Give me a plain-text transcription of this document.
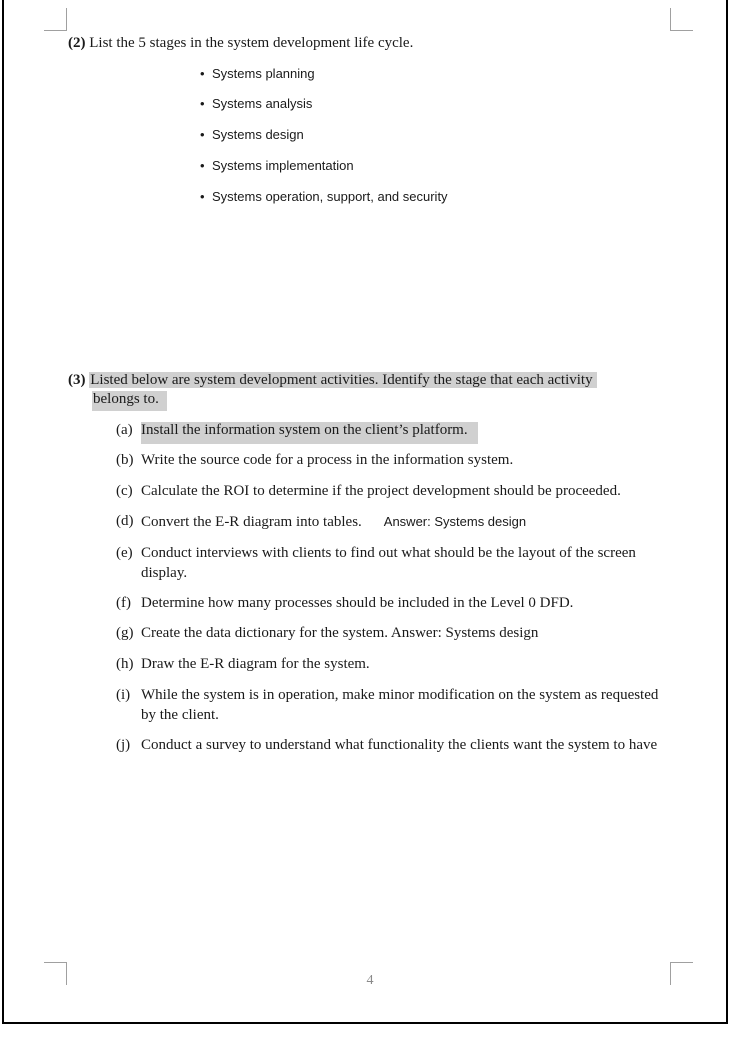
(2) List the 5 stages in the system development life cycle.
• Systems planning
• Systems analysis
• Systems design
• Systems implementation
• Systems operation, support, and security
(3) Listed below are system development activities. Identify the stage that each activity
belongs to.
(a) Install the information system on the client’s platform.
(b) Write the source code for a process in the information system.
(c) Calculate the ROI to determine if the project development should be proceeded.
(d) Convert the E-R diagram into tables. Answer: Systems design
(e) Conduct interviews with clients to find out what should be the layout of the screen display.
(f) Determine how many processes should be included in the Level 0 DFD.
(g) Create the data dictionary for the system. Answer: Systems design
(h) Draw the E-R diagram for the system.
(i) While the system is in operation, make minor modification on the system as requested by the client.
(j) Conduct a survey to understand what functionality the clients want the system to have
4
